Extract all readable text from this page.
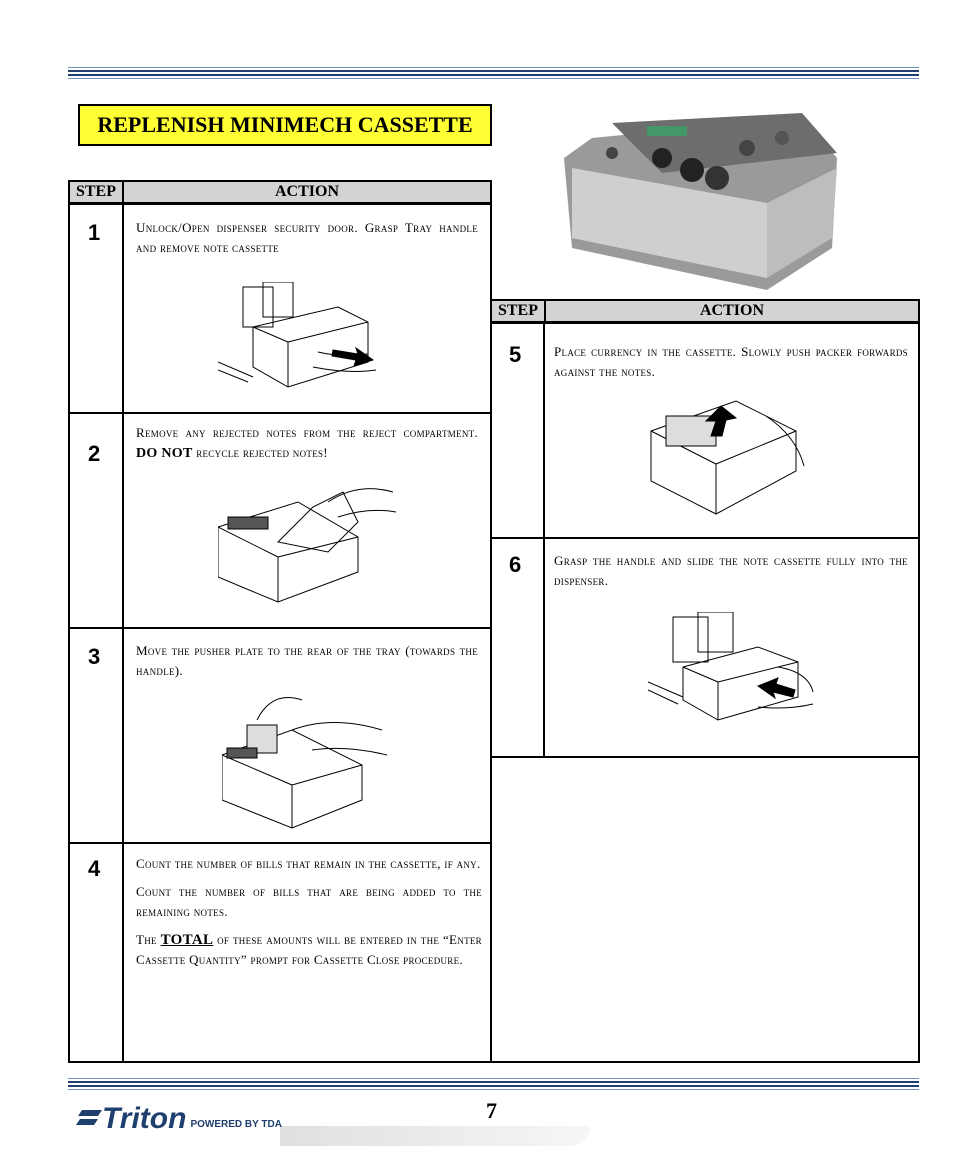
REPLENISH MINIMECH CASSETTE
STEP	ACTION
1
2
3
4
Unlock/Open dispenser security door. Grasp Tray handle and remove note cassette
Remove any rejected notes from the reject compartment. DO NOT recycle rejected notes!
Move the pusher plate to the rear of the tray (towards the handle).

Count the number of bills that remain in the cassette, if any.

Count the number of bills that are being added to the remaining notes.

The TOTAL of these amounts will be entered in the “Enter Cassette Quantity” prompt for Cassette Close procedure.

STEP	ACTION
5
6
Place currency in the cassette. Slowly push packer forwards against the notes.
Grasp the handle and slide the note cassette fully into the dispenser.
Triton POWERED BY TDA
7
